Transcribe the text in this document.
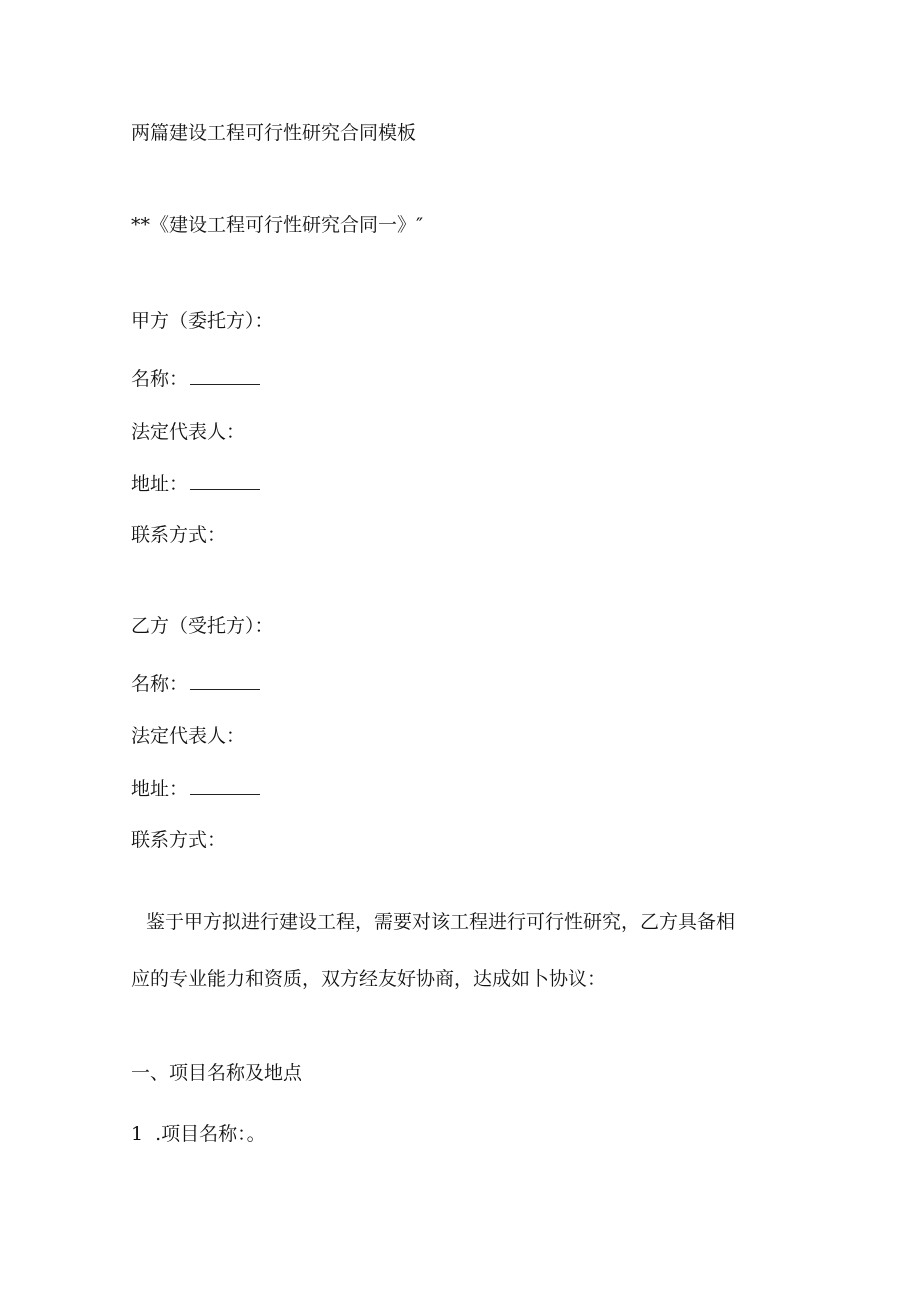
两篇建设工程可行性研究合同模板
**《建设工程可行性研究合同一》″
甲方（委托方）：
名称：
法定代表人：
地址：
联系方式：
乙方（受托方）：
名称：
法定代表人：
地址：
联系方式：
鉴于甲方拟进行建设工程，需要对该工程进行可行性研究，乙方具备相
应的专业能力和资质，双方经友好协商，达成如卜协议：
一、项目名称及地点
1 .项目名称：。
